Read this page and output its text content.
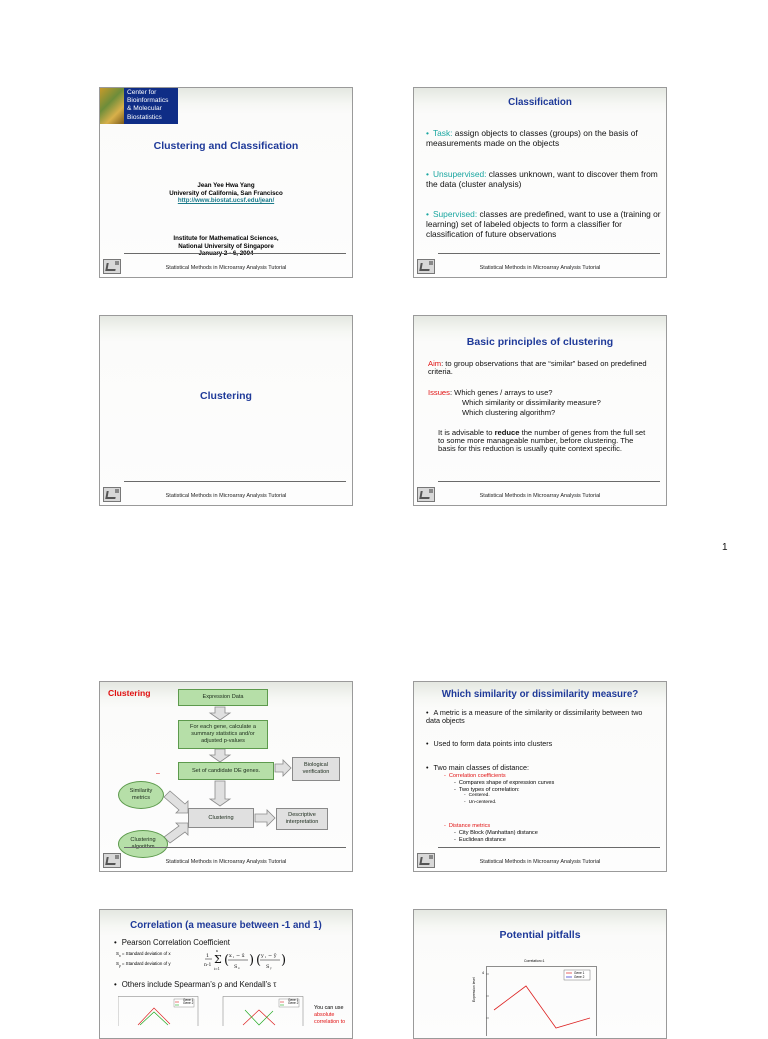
Center for
Bioinformatics
& Molecular
Biostatistics
Clustering and Classification
Jean Yee Hwa Yang
University of California, San Francisco
http://www.biostat.ucsf.edu/jean/
Institute for Mathematical Sciences,
National University of Singapore
Statistical Methods in Microarray Analysis Tutorial
Classification
• Task: assign objects to classes (groups) on the basis of measurements made on the objects
• Unsupervised: classes unknown, want to discover them from the data (cluster analysis)
• Supervised: classes are predefined, want to use a (training or learning) set of labeled objects to form a classifier for classification of future observations
Statistical Methods in Microarray Analysis Tutorial
Clustering
Statistical Methods in Microarray Analysis Tutorial
Basic principles of clustering
Aim: to group observations that are “similar” based on predefined criteria.
Issues: Which genes / arrays to use?
Which similarity or dissimilarity measure?
Which clustering algorithm?
It is advisable to reduce the number of genes from the full set to some more manageable number, before clustering. The basis for this reduction is usually quite context specific.
Statistical Methods in Microarray Analysis Tutorial
1
Clustering
–
Expression Data
For each gene, calculate a summary statistics and/or adjusted p-values
Set of candidate DE genes.
Biological verification
Similarity metrics
Clustering	Descriptive interpretation
Clustering
Statistical Methods in Microarray Analysis Tutorial
Which similarity or dissimilarity measure?
• A metric is a measure of the similarity or dissimilarity between two data objects
• Used to form data points into clusters
• Two main classes of distance:
- Correlation coefficients
- Compares shape of expression curves
- Two types of correlation:
- Centered.
- Un-centered.
- Distance metrics
- City Block (Manhattan) distance
- Euclidean distance
Statistical Methods in Microarray Analysis Tutorial
Correlation (a measure between -1 and 1)
• Pearson Correlation Coefficient
$S_x$ = Standard deviation of x
$S_y$ = Standard deviation of y
1
n-1 Σ
i=1
n
( x i − x̄
S x ) ( y i − ȳ
S y )
• Others include Spearman’s ρ and Kendall’s τ
Gene 1
Gene 2
Gene 1
Gene 2
You can use
absolute
correlation to
Potential pitfalls
Correlation=1
Expression level
4	Gene 1
Gene 2
